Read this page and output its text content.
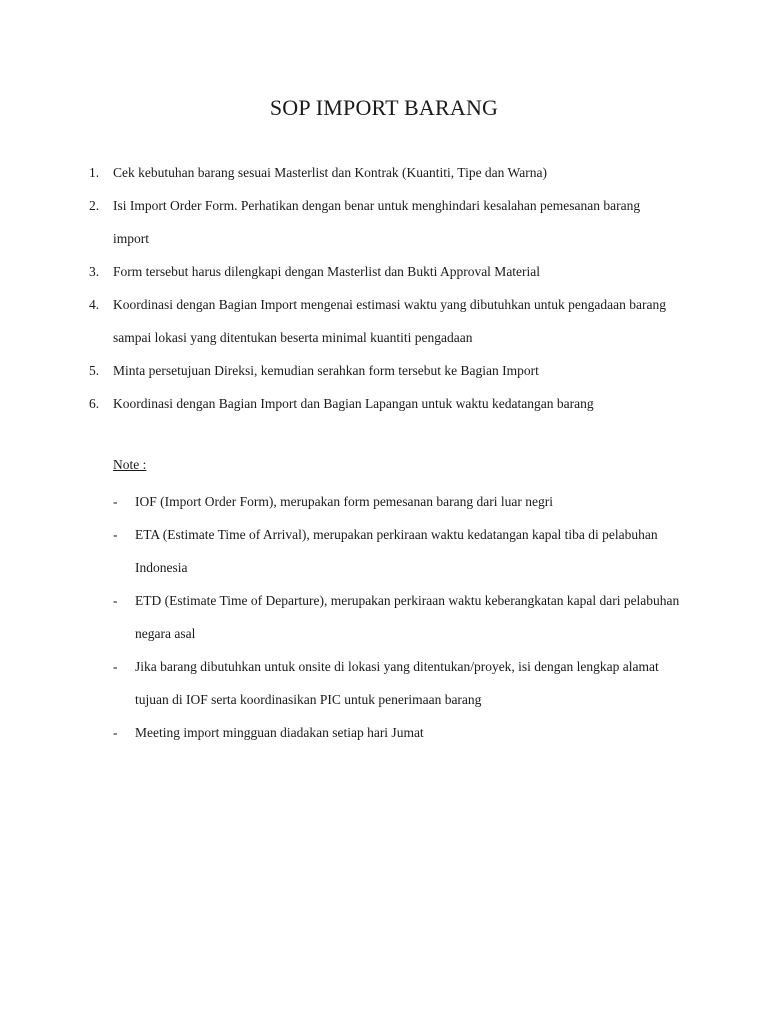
SOP IMPORT BARANG
1. Cek kebutuhan barang sesuai Masterlist dan Kontrak (Kuantiti, Tipe dan Warna)
2. Isi Import Order Form. Perhatikan dengan benar untuk menghindari kesalahan pemesanan barang import
3. Form tersebut harus dilengkapi dengan Masterlist dan Bukti Approval Material
4. Koordinasi dengan Bagian Import mengenai estimasi waktu yang dibutuhkan untuk pengadaan barang sampai lokasi yang ditentukan beserta minimal kuantiti pengadaan
5. Minta persetujuan Direksi, kemudian serahkan form tersebut ke Bagian Import
6. Koordinasi dengan Bagian Import dan Bagian Lapangan untuk waktu kedatangan barang
Note :
- IOF (Import Order Form), merupakan form pemesanan barang dari luar negri
- ETA (Estimate Time of Arrival), merupakan perkiraan waktu kedatangan kapal tiba di pelabuhan Indonesia
- ETD (Estimate Time of Departure), merupakan perkiraan waktu keberangkatan kapal dari pelabuhan negara asal
- Jika barang dibutuhkan untuk onsite di lokasi yang ditentukan/proyek, isi dengan lengkap alamat tujuan di IOF serta koordinasikan PIC untuk penerimaan barang
- Meeting import mingguan diadakan setiap hari Jumat
